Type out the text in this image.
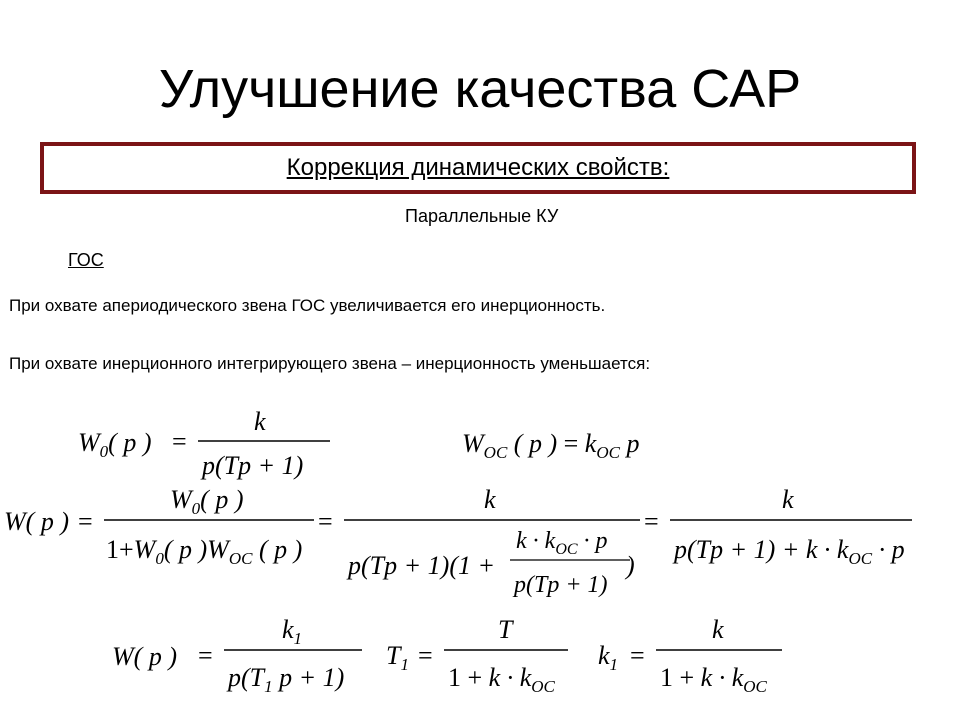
Улучшение качества САР
Коррекция динамических свойств:
Параллельные КУ
ГОС
При охвате апериодического звена ГОС увеличивается его инерционность.
При охвате инерционного интегрирующего звена – инерционность уменьшается:
$W_0$( p ) =
k
p(Tp + 1)
$W_{OC}$ ( p ) = $k_{OC}$ p
W( p ) =
$W_0$( p )
$1+W_0$( p )$W_{OC}$ ( p )
=
k
p(Tp + 1)(1 +
$k \cdot k_{OC} \cdot p$
p(Tp + 1)
)
=
k
$p(Tp + 1) + k \cdot k_{OC} \cdot p$
W( p ) =
$k_1$
$p(T_1$ p + 1)
$T_1$ =
T
$1 + k \cdot k_{OC}$
$k_1$ =
k
$1 + k \cdot k_{OC}$
